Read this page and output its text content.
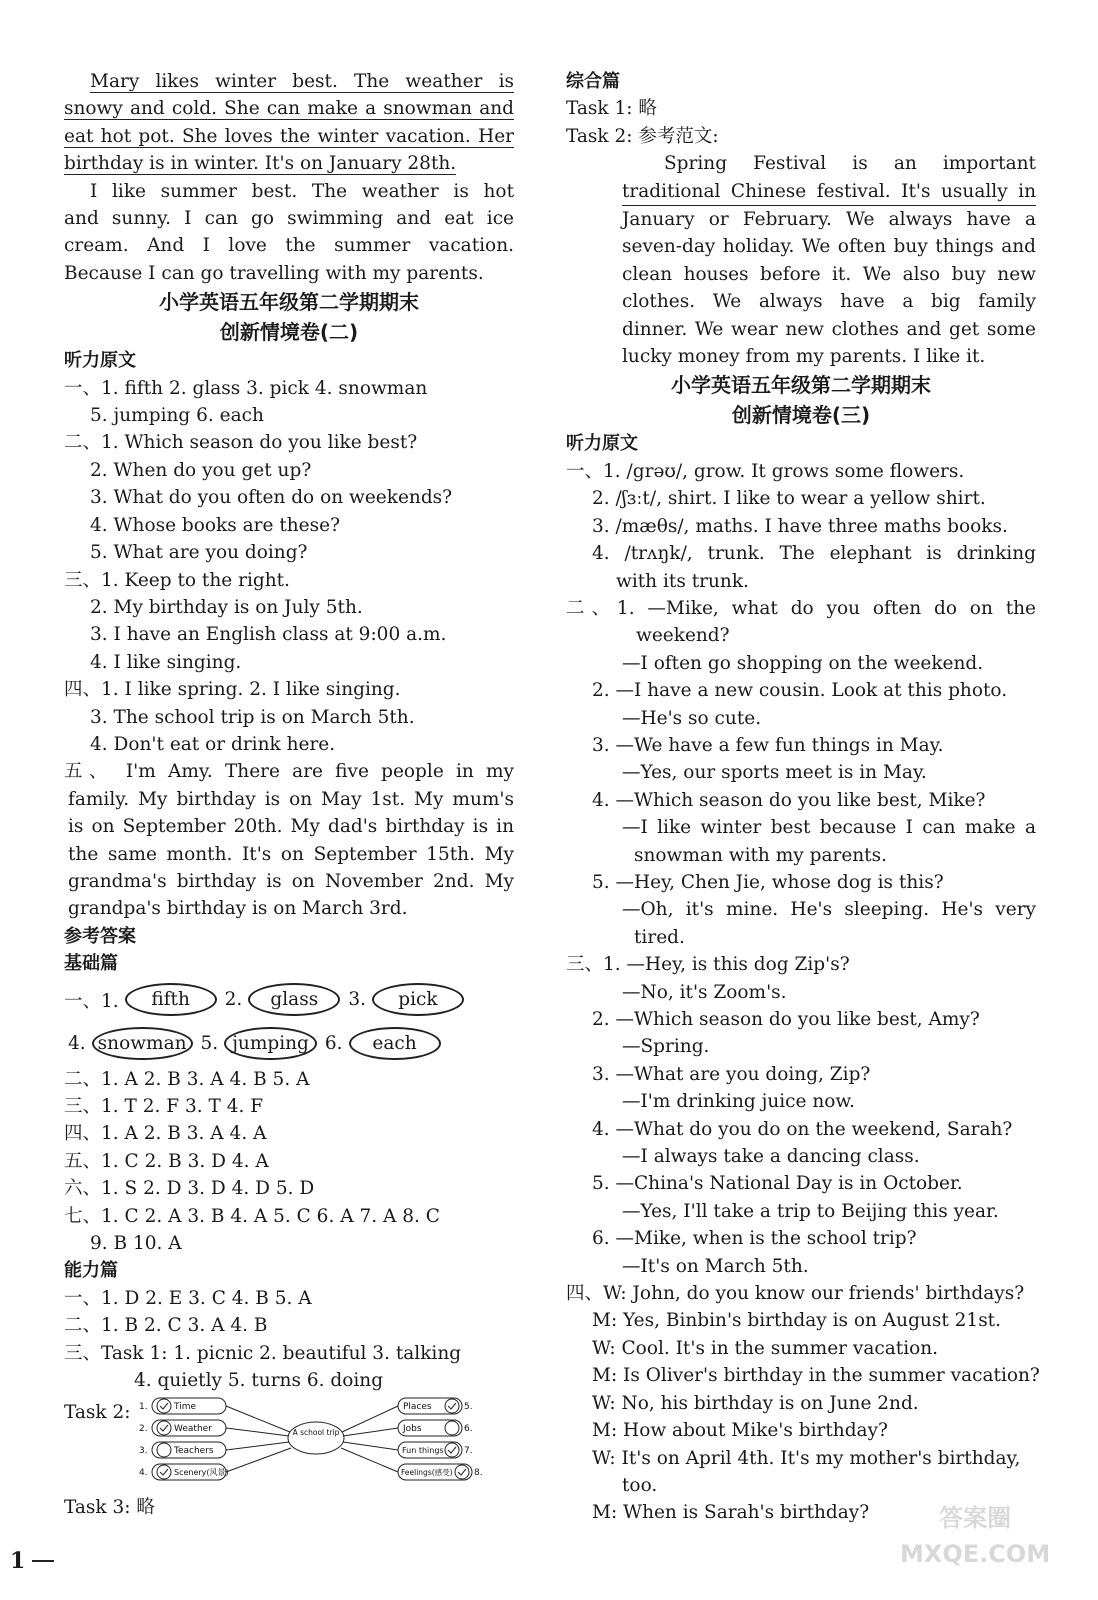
Mary likes winter best. The weather is
snowy and cold. She can make a snowman and
eat hot pot. She loves the winter vacation. Her
birthday is in winter. It's on January 28th.
I like summer best. The weather is hot
and sunny. I can go swimming and eat ice
cream. And I love the summer vacation.
Because I can go travelling with my parents.
小学英语五年级第二学期期末
创新情境卷(二)
听力原文
一、1. fifth 2. glass 3. pick 4. snowman
5. jumping 6. each
二、1. Which season do you like best?
2. When do you get up?
3. What do you often do on weekends?
4. Whose books are these?
5. What are you doing?
三、1. Keep to the right.
2. My birthday is on July 5th.
3. I have an English class at 9:00 a.m.
4. I like singing.
四、1. I like spring. 2. I like singing.
3. The school trip is on March 5th.
4. Don't eat or drink here.
五、 I'm Amy. There are five people in my
family. My birthday is on May 1st. My mum's
is on September 20th. My dad's birthday is in
the same month. It's on September 15th. My
grandma's birthday is on November 2nd. My
grandpa's birthday is on March 3rd.
参考答案
基础篇
一、1.	fifth	2.	glass	3.	pick
4. snowman 5. jumping 6.	each
二、1. A 2. B 3. A 4. B 5. A
三、1. T 2. F 3. T 4. F
四、1. A 2. B 3. A 4. A
五、1. C 2. B 3. D 4. A
六、1. S 2. D 3. D 4. D 5. D
七、1. C 2. A 3. B 4. A 5. C 6. A 7. A 8. C
9. B 10. A
能力篇
一、1. D 2. E 3. C 4. B 5. A
二、1. B 2. C 3. A 4. B
三、Task 1: 1. picnic 2. beautiful 3. talking
4. quietly 5. turns 6. doing
Task 2:
A school trip
1.	Time
2.	Weather
3.	Teachers
4.	Scenery(风景)
Places	5.
Jobs	6.
Fun things 7.
Feelings(感受) 8.
Task 3: 略
综合篇
Task 1: 略
Task 2: 参考范文:
Spring Festival is an important
traditional Chinese festival. It's usually in
January or February. We always have a
seven-day holiday. We often buy things and
clean houses before it. We also buy new
clothes. We always have a big family
dinner. We wear new clothes and get some
lucky money from my parents. I like it.
小学英语五年级第二学期期末
创新情境卷(三)
听力原文
一、1. /grəʊ/, grow. It grows some flowers.
2. /ʃɜːt/, shirt. I like to wear a yellow shirt.
3. /mæθs/, maths. I have three maths books.
4. /trʌŋk/, trunk. The elephant is drinking
with its trunk.
二、1. —Mike, what do you often do on the
weekend?
—I often go shopping on the weekend.
2. —I have a new cousin. Look at this photo.
—He's so cute.
3. —We have a few fun things in May.
—Yes, our sports meet is in May.
4. —Which season do you like best, Mike?
—I like winter best because I can make a
snowman with my parents.
5. —Hey, Chen Jie, whose dog is this?
—Oh, it's mine. He's sleeping. He's very
tired.
三、1. —Hey, is this dog Zip's?
—No, it's Zoom's.
2. —Which season do you like best, Amy?
—Spring.
3. —What are you doing, Zip?
—I'm drinking juice now.
4. —What do you do on the weekend, Sarah?
—I always take a dancing class.
5. —China's National Day is in October.
—Yes, I'll take a trip to Beijing this year.
6. —Mike, when is the school trip?
—It's on March 5th.
四、W: John, do you know our friends' birthdays?
M: Yes, Binbin's birthday is on August 21st.
W: Cool. It's in the summer vacation.
M: Is Oliver's birthday in the summer vacation?
W: No, his birthday is on June 2nd.
M: How about Mike's birthday?
W: It's on April 4th. It's my mother's birthday,
too.
M: When is Sarah's birthday?
1
答案圈
MXQE.COM
